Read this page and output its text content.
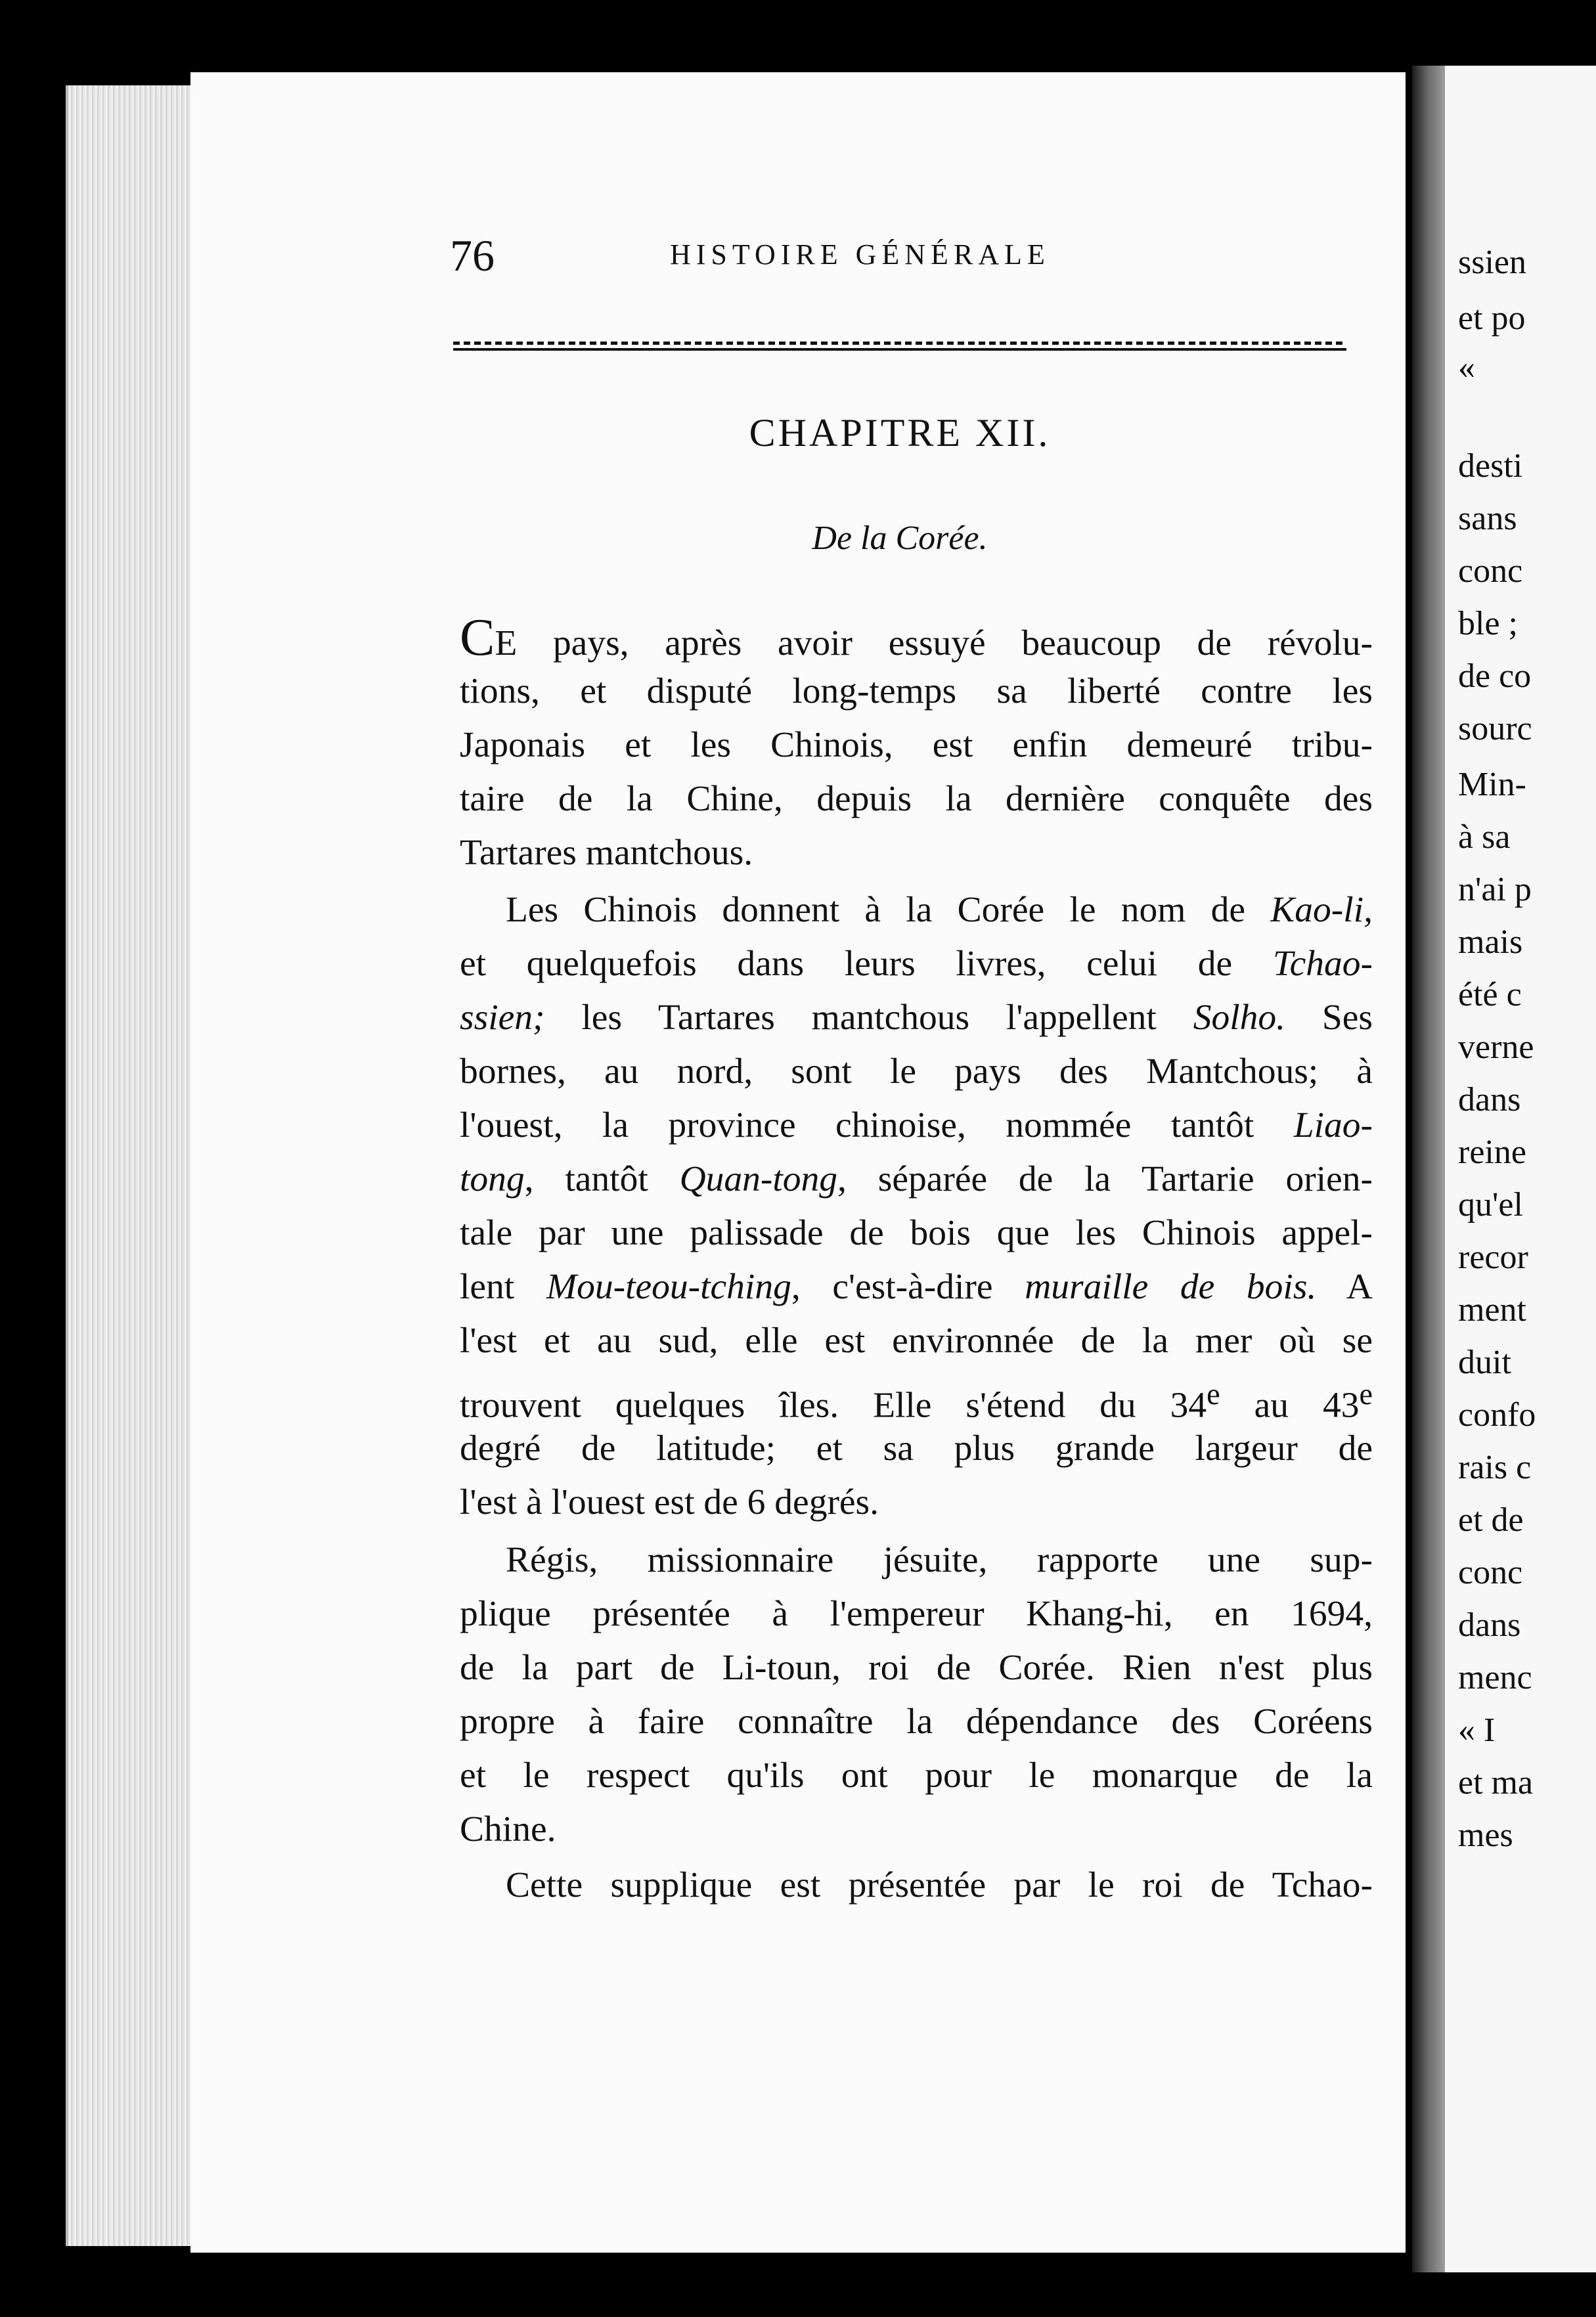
76	HISTOIRE GÉNÉRALE
CHAPITRE XII.
De la Corée.
CE pays, après avoir essuyé beaucoup de révolu-
tions, et disputé long-temps sa liberté contre les
Japonais et les Chinois, est enfin demeuré tribu-
taire de la Chine, depuis la dernière conquête des
Tartares mantchous.
Les Chinois donnent à la Corée le nom de Kao-li,
et quelquefois dans leurs livres, celui de Tchao-
ssien; les Tartares mantchous l'appellent Solho. Ses
bornes, au nord, sont le pays des Mantchous; à
l'ouest, la province chinoise, nommée tantôt Liao-
tong, tantôt Quan-tong, séparée de la Tartarie orien-
tale par une palissade de bois que les Chinois appel-
lent Mou-teou-tching, c'est-à-dire muraille de bois. A
l'est et au sud, elle est environnée de la mer où se
trouvent quelques îles. Elle s'étend du 34e au 43e
degré de latitude; et sa plus grande largeur de
l'est à l'ouest est de 6 degrés.
Régis, missionnaire jésuite, rapporte une sup-
plique présentée à l'empereur Khang-hi, en 1694,
de la part de Li-toun, roi de Corée. Rien n'est plus
propre à faire connaître la dépendance des Coréens
et le respect qu'ils ont pour le monarque de la
Chine.
Cette supplique est présentée par le roi de Tchao-
ssien
et po
«
desti
sans
conc
ble ;
de co
sourc
Min-
à sa
n'ai p
mais
été c
verne
dans
reine
qu'el
recor
ment
duit
confo
rais c
et de
conc
dans
menc
« I
et ma
mes
